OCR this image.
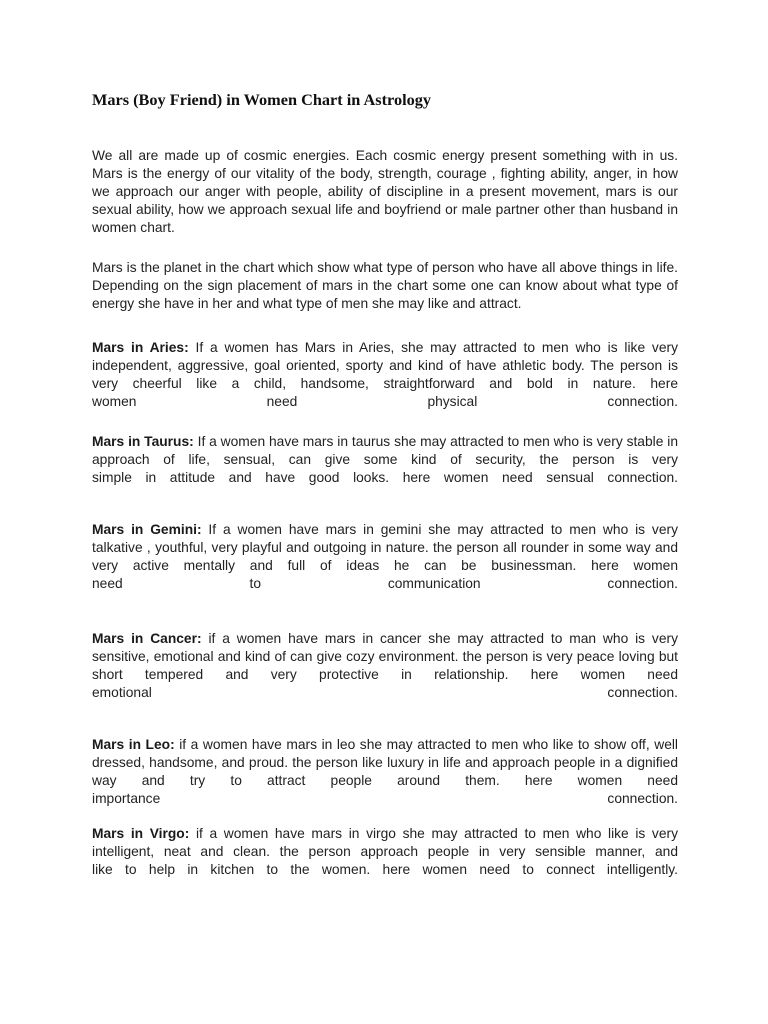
Mars (Boy Friend) in Women Chart in Astrology

We all are made up of cosmic energies. Each cosmic energy present something with in us. Mars is the energy of our vitality of the body, strength, courage , fighting ability, anger, in how we approach our anger with people, ability of discipline in a present movement, mars is our sexual ability, how we approach sexual life and boyfriend or male partner other than husband in women chart.

Mars is the planet in the chart which show what type of person who have all above things in life. Depending on the sign placement of mars in the chart some one can know about what type of energy she have in her and what type of men she may like and attract.

Mars in Aries: If a women has Mars in Aries, she may attracted to men who is like very independent, aggressive, goal oriented, sporty and kind of have athletic body. The person is very cheerful like a child, handsome, straightforward and bold in nature. here

women need physical connection.

Mars in Taurus: If a women have mars in taurus she may attracted to men who is very stable in approach of life, sensual, can give some kind of security, the person is very

simple in attitude and have good looks. here women need sensual connection.

Mars in Gemini: If a women have mars in gemini she may attracted to men who is very talkative , youthful, very playful and outgoing in nature. the person all rounder in some way and very active mentally and full of ideas he can be businessman. here women

need to communication connection.

Mars in Cancer: if a women have mars in cancer she may attracted to man who is very sensitive, emotional and kind of can give cozy environment. the person is very peace loving but short tempered and very protective in relationship. here women need

emotional connection.

Mars in Leo: if a women have mars in leo she may attracted to men who like to show off, well dressed, handsome, and proud. the person like luxury in life and approach people in a dignified way and try to attract people around them. here women need

importance connection.

Mars in Virgo: if a women have mars in virgo she may attracted to men who like is very intelligent, neat and clean. the person approach people in very sensible manner, and

like to help in kitchen to the women. here women need to connect intelligently.
